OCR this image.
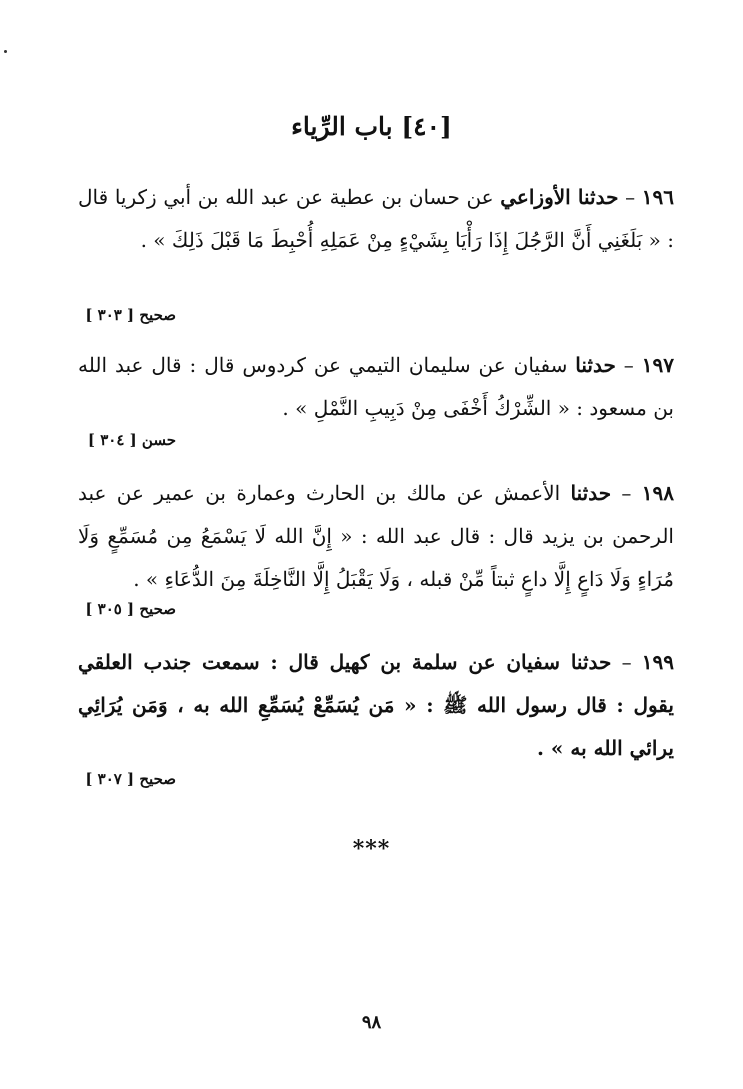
[٤٠] باب الرِّياء
١٩٦ – حدثنا الأوزاعي عن حسان بن عطية عن عبد الله بن أبي زكريا قال : « بَلَغَنِي أَنَّ الرَّجُلَ إِذَا رَأْيَا بِشَيْءٍ مِنْ عَمَلِهِ أُحْبِطَ مَا قَبْلَ ذَلِكَ » .
صحيح [ ٣٠٣ ]
١٩٧ – حدثنا سفيان عن سليمان التيمي عن كردوس قال : قال عبد الله بن مسعود : « الشِّرْكُ أَخْفَى مِنْ دَبِيبِ النَّمْلِ » .
حسن [ ٣٠٤ ]
١٩٨ – حدثنا الأعمش عن مالك بن الحارث وعمارة بن عمير عن عبد الرحمن بن يزيد قال : قال عبد الله : « إِنَّ الله لَا يَسْمَعُ مِن مُسَمِّعٍ وَلَا مُرَاءٍ وَلَا دَاعٍ إِلَّا داعٍ ثبتاً مِّنْ قبله ، وَلَا يَقْبَلُ إِلَّا النَّاخِلَةَ مِنَ الدُّعَاءِ » .
صحيح [ ٣٠٥ ]
١٩٩ – حدثنا سفيان عن سلمة بن كهيل قال : سمعت جندب العلقي يقول : قال رسول الله ﷺ : « مَن يُسَمِّعْ يُسَمِّعِ الله به ، وَمَن يُرَائِي يرائي الله به » .
صحيح [ ٣٠٧ ]
***
٩٨
